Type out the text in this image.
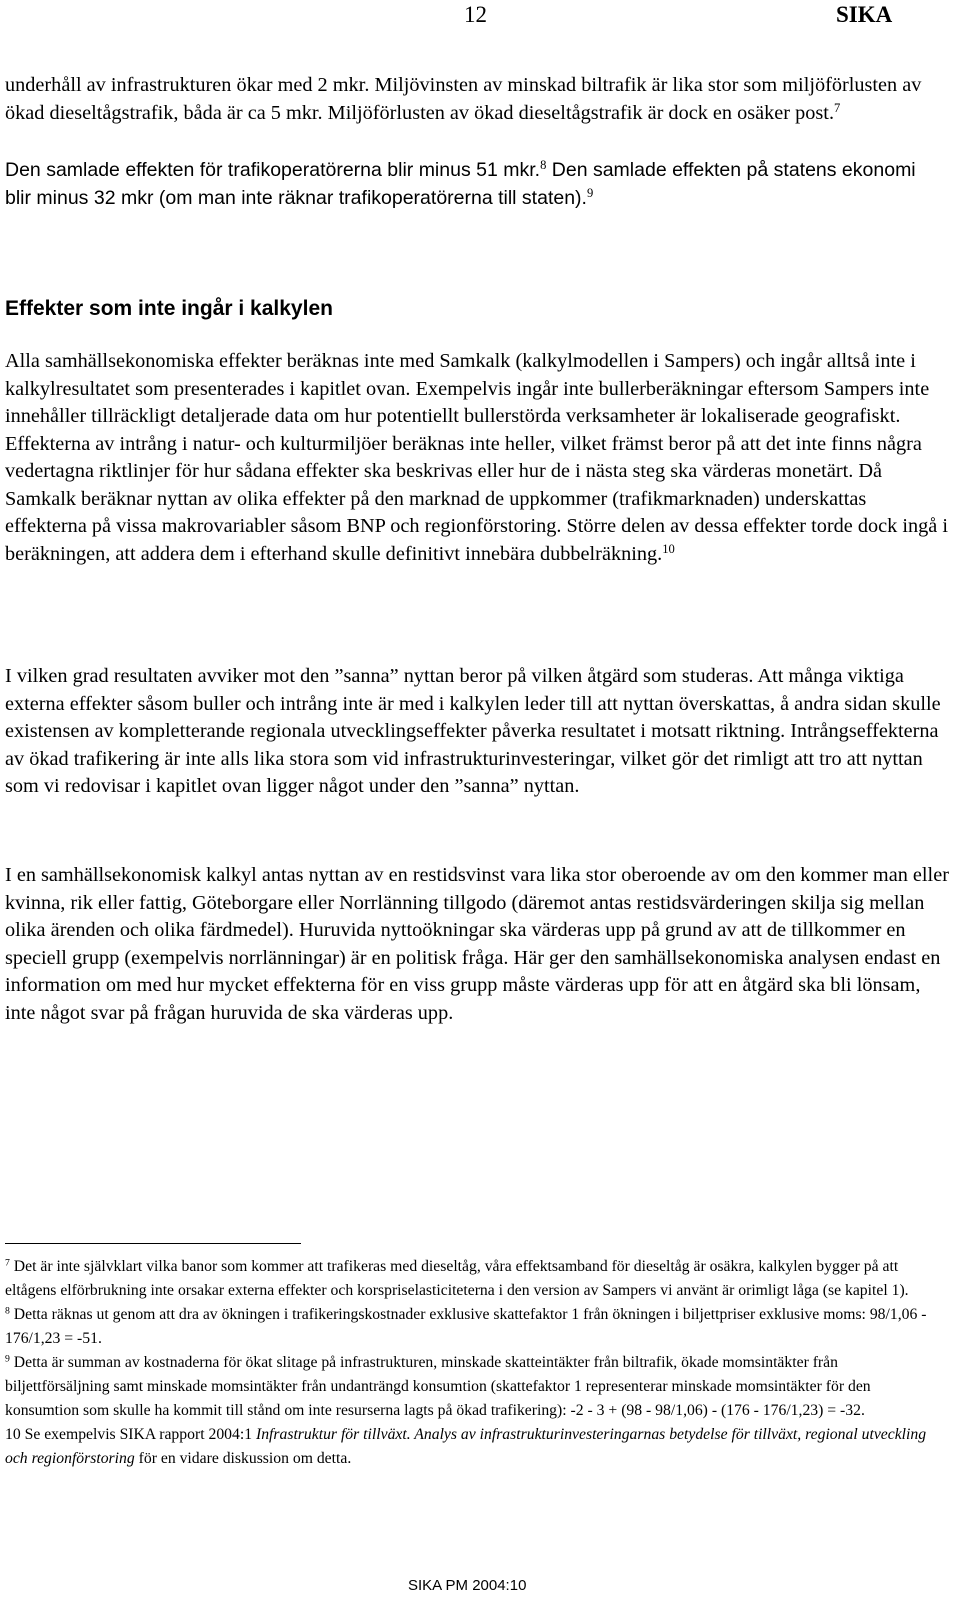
12	SIKA

underhåll av infrastrukturen ökar med 2 mkr. Miljövinsten av minskad biltrafik är lika stor som miljöförlusten av ökad dieseltågstrafik, båda är ca 5 mkr. Miljöförlusten av ökad dieseltågstrafik är dock en osäker post.$^7$

Den samlade effekten för trafikoperatörerna blir minus 51 mkr.$^8$ Den samlade effekten på statens ekonomi blir minus 32 mkr (om man inte räknar trafikoperatörerna till staten).$^9$

Effekter som inte ingår i kalkylen

Alla samhällsekonomiska effekter beräknas inte med Samkalk (kalkylmodellen i Sampers) och ingår alltså inte i kalkylresultatet som presenterades i kapitlet ovan. Exempelvis ingår inte bullerberäkningar eftersom Sampers inte innehåller tillräckligt detaljerade data om hur potentiellt bullerstörda verksamheter är lokaliserade geografiskt. Effekterna av intrång i natur- och kulturmiljöer beräknas inte heller, vilket främst beror på att det inte finns några vedertagna riktlinjer för hur sådana effekter ska beskrivas eller hur de i nästa steg ska värderas monetärt. Då Samkalk beräknar nyttan av olika effekter på den marknad de uppkommer (trafikmarknaden) underskattas effekterna på vissa makrovariabler såsom BNP och regionförstoring. Större delen av dessa effekter torde dock ingå i beräkningen, att addera dem i efterhand skulle definitivt innebära dubbelräkning.$^{10}$

I vilken grad resultaten avviker mot den ”sanna” nyttan beror på vilken åtgärd som studeras. Att många viktiga externa effekter såsom buller och intrång inte är med i kalkylen leder till att nyttan överskattas, å andra sidan skulle existensen av kompletterande regionala utvecklingseffekter påverka resultatet i motsatt riktning. Intrångseffekterna av ökad trafikering är inte alls lika stora som vid infrastrukturinvesteringar, vilket gör det rimligt att tro att nyttan som vi redovisar i kapitlet ovan ligger något under den ”sanna” nyttan.

I en samhällsekonomisk kalkyl antas nyttan av en restidsvinst vara lika stor oberoende av om den kommer man eller kvinna, rik eller fattig, Göteborgare eller Norrlänning tillgodo (däremot antas restidsvärderingen skilja sig mellan olika ärenden och olika färdmedel). Huruvida nyttoökningar ska värderas upp på grund av att de tillkommer en speciell grupp (exempelvis norrlänningar) är en politisk fråga. Här ger den samhällsekonomiska analysen endast en information om med hur mycket effekterna för en viss grupp måste värderas upp för att en åtgärd ska bli lönsam, inte något svar på frågan huruvida de ska värderas upp.

$^7$ Det är inte självklart vilka banor som kommer att trafikeras med dieseltåg, våra effektsamband för dieseltåg är osäkra, kalkylen bygger på att eltågens elförbrukning inte orsakar externa effekter och korspriselasticiteterna i den version av Sampers vi använt är orimligt låga (se kapitel 1).

$^8$ Detta räknas ut genom att dra av ökningen i trafikeringskostnader exklusive skattefaktor 1 från ökningen i biljettpriser exklusive moms: 98/1,06 - 176/1,23 = -51.

$^9$ Detta är summan av kostnaderna för ökat slitage på infrastrukturen, minskade skatteintäkter från biltrafik, ökade momsintäkter från biljettförsäljning samt minskade momsintäkter från undanträngd konsumtion (skattefaktor 1 representerar minskade momsintäkter för den konsumtion som skulle ha kommit till stånd om inte resurserna lagts på ökad trafikering): -2 - 3 + (98 - 98/1,06) - (176 - 176/1,23) = -32.

10 Se exempelvis SIKA rapport 2004:1 Infrastruktur för tillväxt. Analys av infrastrukturinvesteringarnas betydelse för tillväxt, regional utveckling och regionförstoring för en vidare diskussion om detta.

SIKA PM 2004:10
